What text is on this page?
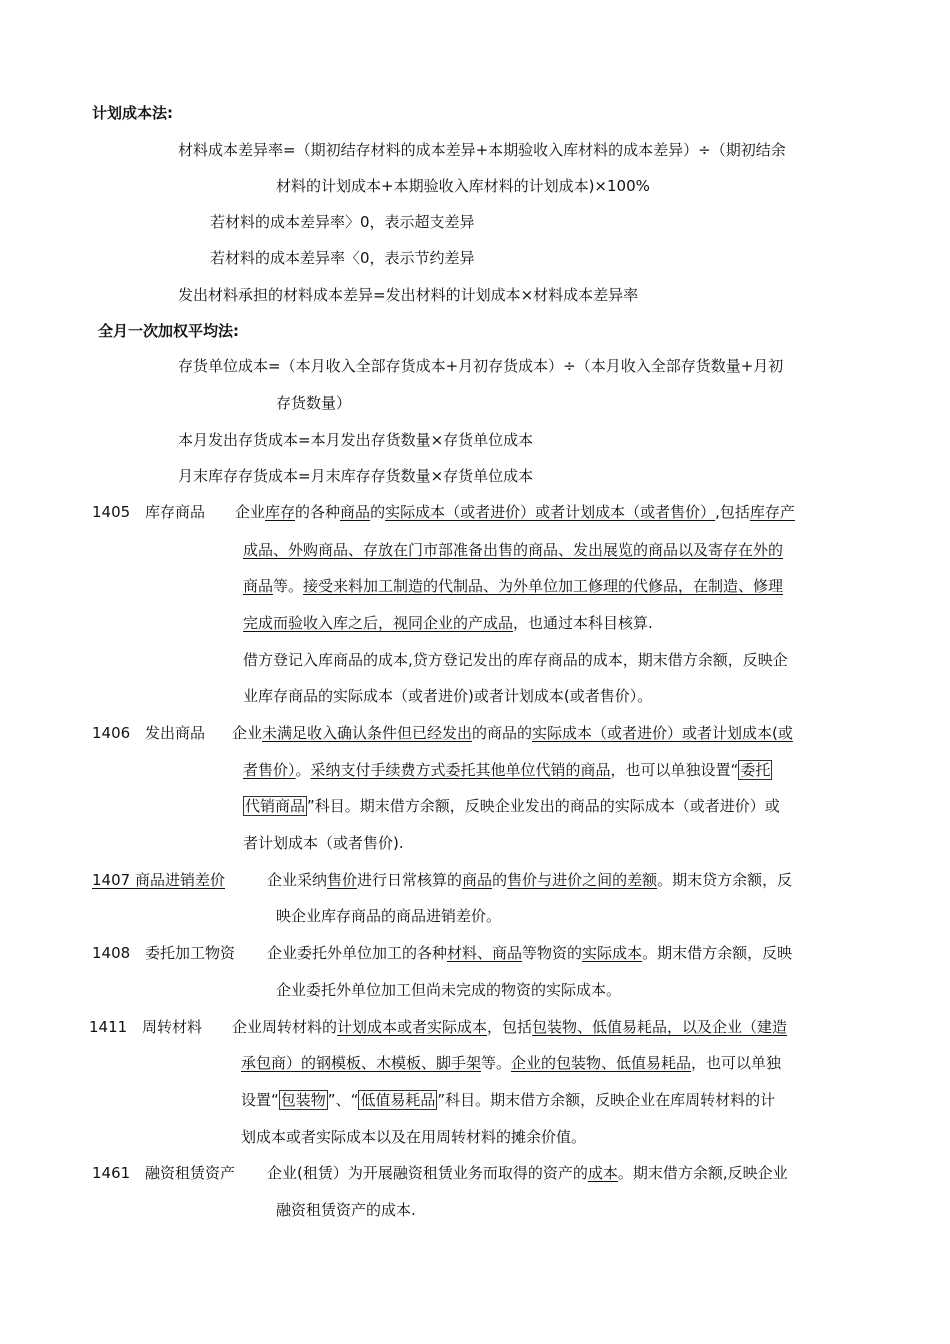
计划成本法:
材料成本差异率=（期初结存材料的成本差异+本期验收入库材料的成本差异）÷（期初结余
材料的计划成本+本期验收入库材料的计划成本)×100%
若材料的成本差异率〉0，表示超支差异
若材料的成本差异率〈0，表示节约差异
发出材料承担的材料成本差异=发出材料的计划成本×材料成本差异率
全月一次加权平均法:
存货单位成本=（本月收入全部存货成本+月初存货成本）÷（本月收入全部存货数量+月初
存货数量）
本月发出存货成本=本月发出存货数量×存货单位成本
月末库存存货成本=月末库存存货数量×存货单位成本
1405 库存商品 企业库存的各种商品的实际成本（或者进价）或者计划成本（或者售价）,包括库存产
成品、外购商品、存放在门市部准备出售的商品、发出展览的商品以及寄存在外的
商品等。接受来料加工制造的代制品、为外单位加工修理的代修品，在制造、修理
完成而验收入库之后，视同企业的产成品，也通过本科目核算.
借方登记入库商品的成本,贷方登记发出的库存商品的成本，期末借方余额，反映企
业库存商品的实际成本（或者进价)或者计划成本(或者售价）。
1406 发出商品 企业未满足收入确认条件但已经发出的商品的实际成本（或者进价）或者计划成本(或
者售价）。采纳支付手续费方式委托其他单位代销的商品，也可以单独设置“ 委托
代销商品 ”科目。期末借方余额，反映企业发出的商品的实际成本（或者进价）或
者计划成本（或者售价).
1407 商品进销差价	企业采纳售价进行日常核算的商品的售价与进价之间的差额。期末贷方余额，反
映企业库存商品的商品进销差价。
1408 委托加工物资 企业委托外单位加工的各种材料、商品等物资的实际成本。期末借方余额，反映
企业委托外单位加工但尚未完成的物资的实际成本。
1411 周转材料 企业周转材料的计划成本或者实际成本，包括包装物、低值易耗品，以及企业（建造
承包商）的钢模板、木模板、脚手架等。企业的包装物、低值易耗品，也可以单独
设置“ 包装物 ”、“ 低值易耗品 ”科目。期末借方余额，反映企业在库周转材料的计
划成本或者实际成本以及在用周转材料的摊余价值。
1461 融资租赁资产 企业(租赁）为开展融资租赁业务而取得的资产的成本。期末借方余额,反映企业
融资租赁资产的成本.
